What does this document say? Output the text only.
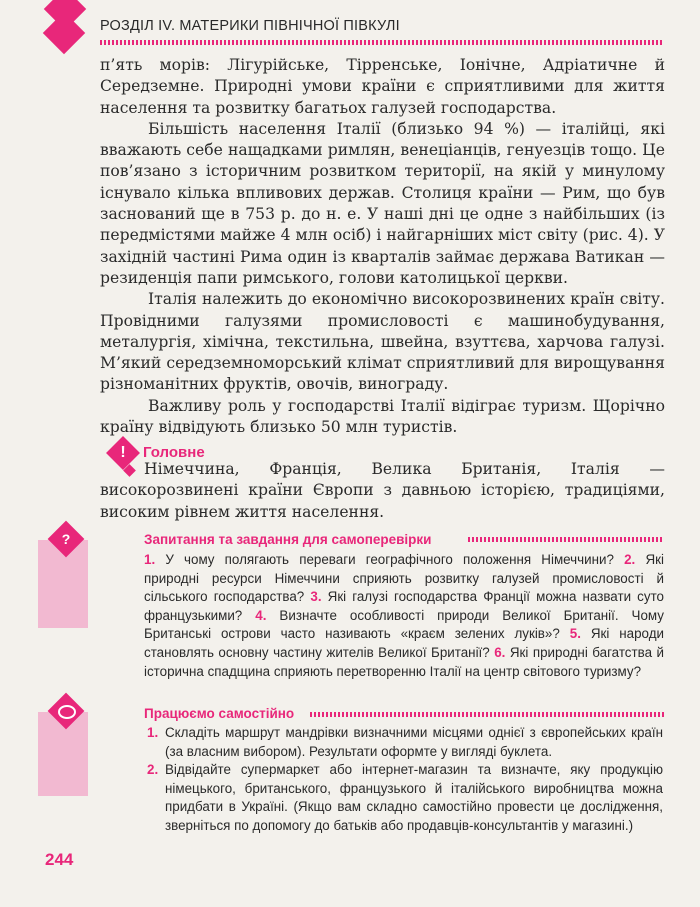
РОЗДІЛ IV. МАТЕРИКИ ПІВНІЧНОЇ ПІВКУЛІ

п’ять морів: Лігурійське, Тірренське, Іонічне, Адріатичне й Середземне. Природні умови країни є сприятливими для життя населення та розвитку багатьох галузей господарства.

Більшість населення Італії (близько 94 %) — італійці, які вважають себе нащадками римлян, венеціанців, генуезців тощо. Це пов’язано з історичним розвитком території, на якій у минулому існувало кілька впливових держав. Столиця країни — Рим, що був заснований ще в 753 р. до н. е. У наші дні це одне з найбільших (із передмістями майже 4 млн осіб) і найгарніших міст світу (рис. 4). У західній частині Рима один із кварталів займає держава Ватикан — резиденція папи римського, голови католицької церкви.

Італія належить до економічно високорозвинених країн світу. Провідними галузями промисловості є машинобудування, металургія, хімічна, текстильна, швейна, взуттєва, харчова галузі. М’який середземноморський клімат сприятливий для вирощування різноманітних фруктів, овочів, винограду.

Важливу роль у господарстві Італії відіграє туризм. Щорічно країну відвідують близько 50 млн туристів.

!	Головне

Німеччина, Франція, Велика Британія, Італія — високорозвинені країни Європи з давньою історією, традиціями, високим рівнем життя населення.

?	Запитання та завдання для самоперевірки
1. У чому полягають переваги географічного положення Німеччини? 2. Які природні ресурси Німеччини сприяють розвитку галузей промисловості й сільського господарства? 3. Які галузі господарства Франції можна назвати суто французькими? 4. Визначте особливості природи Великої Британії. Чому Британські острови часто називають «краєм зелених луків»? 5. Які народи становлять основну частину жителів Великої Британії? 6. Які природні багатства й історична спадщина сприяють перетворенню Італії на центр світового туризму?
Працюємо самостійно
1. Складіть маршрут мандрівки визначними місцями однієї з європейських країн (за власним вибором). Результати оформте у вигляді буклета.
2. Відвідайте супермаркет або інтернет-магазин та визначте, яку продукцію німецького, британського, французького й італійського виробництва можна придбати в Україні. (Якщо вам складно самостійно провести це дослідження, зверніться по допомогу до батьків або продавців-консультантів у магазині.)
244
